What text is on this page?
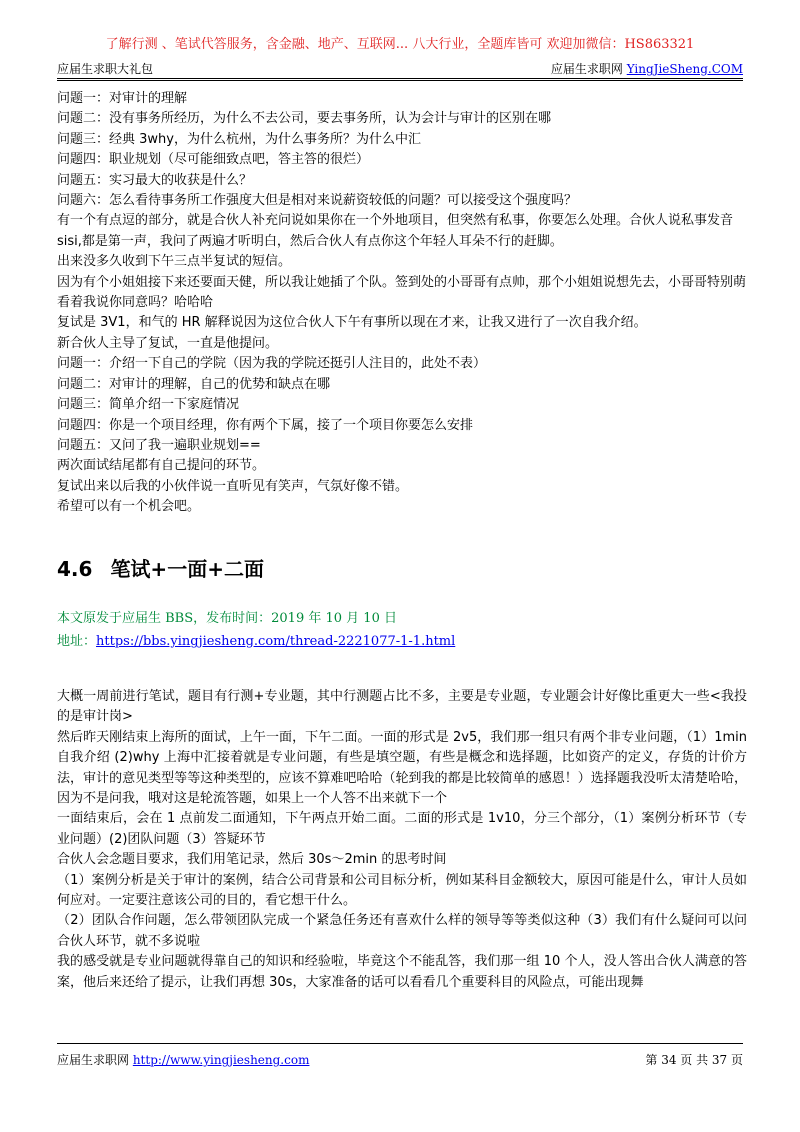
了解行测 、笔试代答服务，含金融、地产、互联网... 八大行业，全题库皆可 欢迎加微信：HS863321
应届生求职大礼包	应届生求职网 YingJieSheng.COM

问题一：对审计的理解

问题二：没有事务所经历，为什么不去公司，要去事务所，认为会计与审计的区别在哪

问题三：经典 3why，为什么杭州，为什么事务所？为什么中汇

问题四：职业规划（尽可能细致点吧，答主答的很烂）

问题五：实习最大的收获是什么？

问题六：怎么看待事务所工作强度大但是相对来说薪资较低的问题？可以接受这个强度吗？

有一个有点逗的部分，就是合伙人补充问说如果你在一个外地项目，但突然有私事，你要怎么处理。合伙人说私事发音 sisi,都是第一声，我问了两遍才听明白，然后合伙人有点你这个年轻人耳朵不行的赶脚。

出来没多久收到下午三点半复试的短信。

因为有个小姐姐接下来还要面天健，所以我让她插了个队。签到处的小哥哥有点帅，那个小姐姐说想先去，小哥哥特别萌看着我说你同意吗？哈哈哈

复试是 3V1，和气的 HR 解释说因为这位合伙人下午有事所以现在才来，让我又进行了一次自我介绍。

新合伙人主导了复试，一直是他提问。

问题一：介绍一下自己的学院（因为我的学院还挺引人注目的，此处不表）

问题二：对审计的理解，自己的优势和缺点在哪

问题三：简单介绍一下家庭情况

问题四：你是一个项目经理，你有两个下属，接了一个项目你要怎么安排

问题五：又问了我一遍职业规划==

两次面试结尾都有自己提问的环节。

复试出来以后我的小伙伴说一直听见有笑声，气氛好像不错。

希望可以有一个机会吧。

4.6 笔试+一面+二面
本文原发于应届生 BBS，发布时间：2019 年 10 月 10 日
地址：https://bbs.yingjiesheng.com/thread-2221077-1-1.html

大概一周前进行笔试，题目有行测+专业题，其中行测题占比不多，主要是专业题，专业题会计好像比重更大一些<我投的是审计岗>

然后昨天刚结束上海所的面试，上午一面，下午二面。一面的形式是 2v5，我们那一组只有两个非专业问题，（1）1min 自我介绍 (2)why 上海中汇接着就是专业问题，有些是填空题，有些是概念和选择题，比如资产的定义，存货的计价方法，审计的意见类型等等这种类型的，应该不算难吧哈哈（轮到我的都是比较简单的感恩！）选择题我没听太清楚哈哈，因为不是问我，哦对这是轮流答题，如果上一个人答不出来就下一个

一面结束后，会在 1 点前发二面通知，下午两点开始二面。二面的形式是 1v10，分三个部分，（1）案例分析环节（专业问题）(2)团队问题（3）答疑环节

合伙人会念题目要求，我们用笔记录，然后 30s～2min 的思考时间

（1）案例分析是关于审计的案例，结合公司背景和公司目标分析，例如某科目金额较大，原因可能是什么，审计人员如何应对。一定要注意该公司的目的，看它想干什么。

（2）团队合作问题，怎么带领团队完成一个紧急任务还有喜欢什么样的领导等等类似这种（3）我们有什么疑问可以问合伙人环节，就不多说啦

我的感受就是专业问题就得靠自己的知识和经验啦，毕竟这个不能乱答，我们那一组 10 个人，没人答出合伙人满意的答案，他后来还给了提示，让我们再想 30s，大家准备的话可以看看几个重要科目的风险点，可能出现舞

应届生求职网 http://www.yingjiesheng.com	第 34 页 共 37 页
